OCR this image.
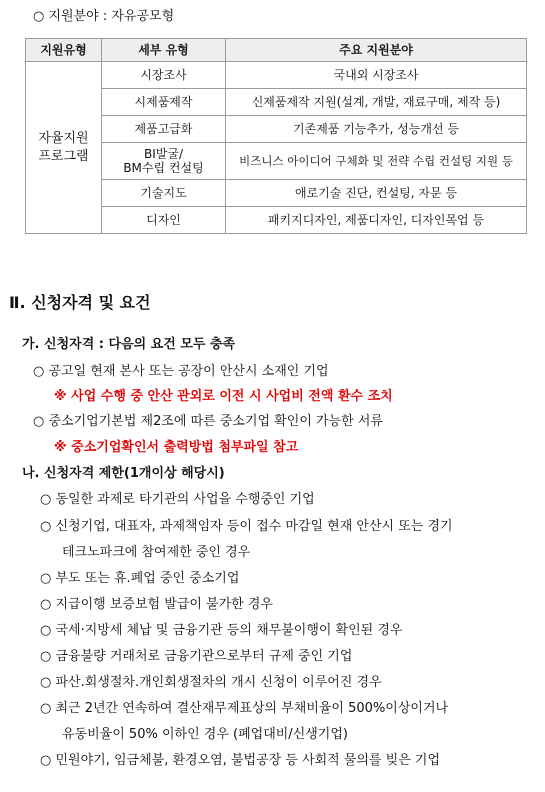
○ 지원분야 : 자유공모형
지원유형	세부 유형	주요 지원분야
자율지원
프로그램	시장조사	국내외 시장조사
	시제품제작	신제품제작 지원(설계, 개발, 재료구매, 제작 등)
	제품고급화	기존제품 기능추가, 성능개선 등
	BI발굴/
BM수립 컨설팅	비즈니스 아이디어 구체화 및 전략 수립 컨설팅 지원 등
	기술지도	애로기술 진단, 컨설팅, 자문 등
	디자인	패키지디자인, 제품디자인, 디자인목업 등
Ⅱ. 신청자격 및 요건
가. 신청자격 : 다음의 요건 모두 충족
○ 공고일 현재 본사 또는 공장이 안산시 소재인 기업
※ 사업 수행 중 안산 관외로 이전 시 사업비 전액 환수 조치
○ 중소기업기본법 제2조에 따른 중소기업 확인이 가능한 서류
※ 중소기업확인서 출력방법 첨부파일 참고
나. 신청자격 제한(1개이상 해당시)
○ 동일한 과제로 타기관의 사업을 수행중인 기업
○ 신청기업, 대표자, 과제책임자 등이 접수 마감일 현재 안산시 또는 경기
테크노파크에 참여제한 중인 경우
○ 부도 또는 휴.폐업 중인 중소기업
○ 지급이행 보증보험 발급이 불가한 경우
○ 국세·지방세 체납 및 금융기관 등의 채무불이행이 확인된 경우
○ 금융불량 거래처로 금융기관으로부터 규제 중인 기업
○ 파산.회생절차.개인회생절차의 개시 신청이 이루어진 경우
○ 최근 2년간 연속하여 결산재무제표상의 부채비율이 500%이상이거나
유동비율이 50% 이하인 경우 (폐업대비/신생기업)
○ 민원야기, 임금체불, 환경오염, 불법공장 등 사회적 물의를 빚은 기업
